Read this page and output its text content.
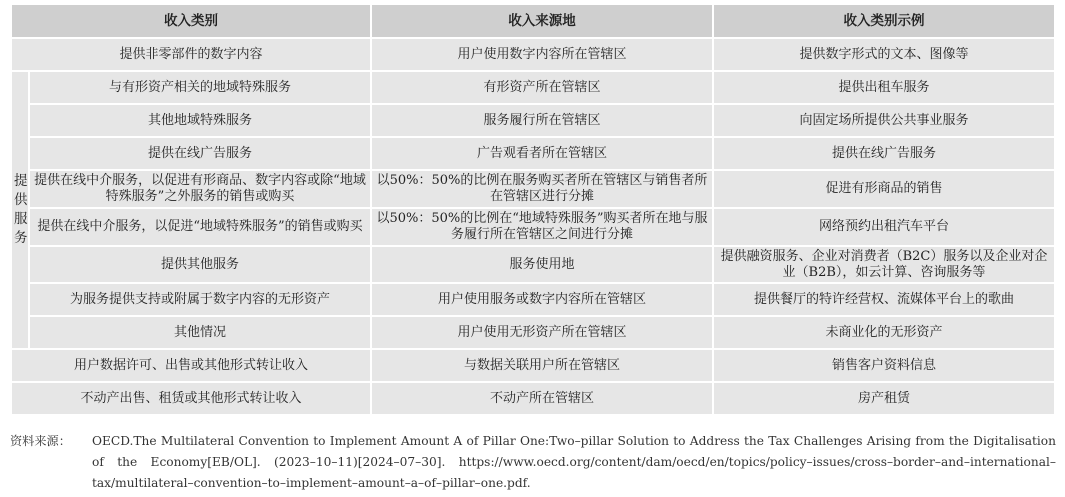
收入类别		收入来源地	收入类别示例
提供非零部件的数字内容		用户使用数字内容所在管辖区	提供数字形式的文本、图像等

提
供
服
务	与有形资产相关的地域特殊服务	有形资产所在管辖区	提供出租车服务
	其他地域特殊服务	服务履行所在管辖区	向固定场所提供公共事业服务
	提供在线广告服务	广告观看者所在管辖区	提供在线广告服务
	提供在线中介服务，以促进有形商品、数字内容或除“地域特殊服务”之外服务的销售或购买	以50%：50%的比例在服务购买者所在管辖区与销售者所在管辖区进行分摊	促进有形商品的销售
	提供在线中介服务，以促进“地域特殊服务”的销售或购买	以50%：50%的比例在“地域特殊服务”购买者所在地与服务履行所在管辖区之间进行分摊	网络预约出租汽车平台
	提供其他服务	服务使用地	提供融资服务、企业对消费者（B2C）服务以及企业对企业（B2B），如云计算、咨询服务等
	为服务提供支持或附属于数字内容的无形资产	用户使用服务或数字内容所在管辖区	提供餐厅的特许经营权、流媒体平台上的歌曲
	其他情况	用户使用无形资产所在管辖区	未商业化的无形资产
用户数据许可、出售或其他形式转让收入		与数据关联用户所在管辖区	销售客户资料信息
不动产出售、租赁或其他形式转让收入		不动产所在管辖区	房产租赁
资料来源：	OECD.The Multilateral Convention to Implement Amount A of Pillar One:Two–pillar Solution to Address the Tax Challenges Arising from the Digitalisation of the Economy[EB/OL]. (2023–10–11)[2024–07–30]. https://www.oecd.org/content/dam/oecd/en/topics/policy–issues/cross–border–and–international–tax/multilateral–convention–to–implement–amount–a–of–pillar–one.pdf.
